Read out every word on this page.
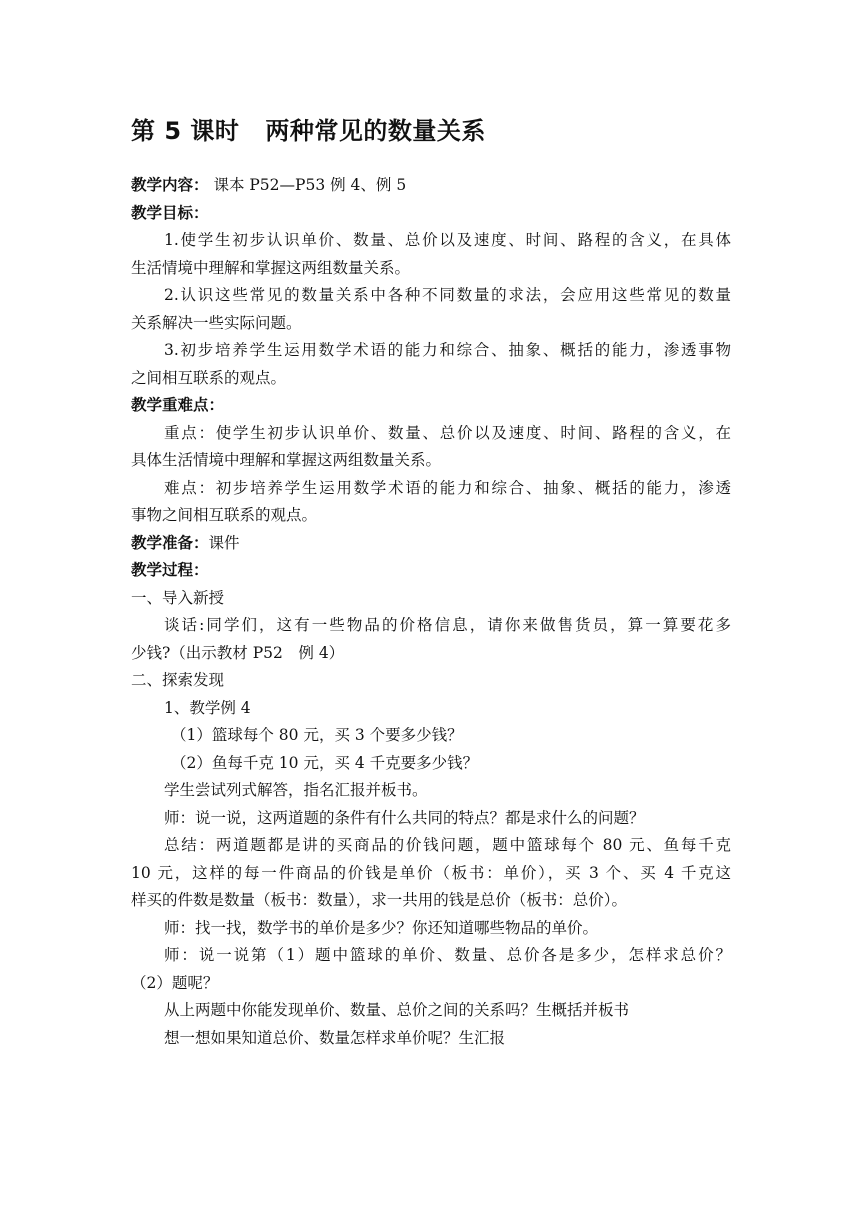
第 5 课时 两种常见的数量关系
教学内容： 课本 P52—P53 例 4、例 5
教学目标：
1.使学生初步认识单价、数量、总价以及速度、时间、路程的含义，在具体
生活情境中理解和掌握这两组数量关系。
2.认识这些常见的数量关系中各种不同数量的求法，会应用这些常见的数量
关系解决一些实际问题。
3.初步培养学生运用数学术语的能力和综合、抽象、概括的能力，渗透事物
之间相互联系的观点。
教学重难点：
重点：使学生初步认识单价、数量、总价以及速度、时间、路程的含义，在
具体生活情境中理解和掌握这两组数量关系。
难点：初步培养学生运用数学术语的能力和综合、抽象、概括的能力，渗透
事物之间相互联系的观点。
教学准备：课件
教学过程：
一、导入新授
谈话:同学们，这有一些物品的价格信息，请你来做售货员，算一算要花多
少钱?（出示教材 P52　例 4）
二、探索发现
1、教学例 4
（1）篮球每个 80 元，买 3 个要多少钱？
（2）鱼每千克 10 元，买 4 千克要多少钱？
学生尝试列式解答，指名汇报并板书。
师：说一说，这两道题的条件有什么共同的特点？都是求什么的问题？
总结：两道题都是讲的买商品的价钱问题，题中篮球每个 80 元、鱼每千克
10 元，这样的每一件商品的价钱是单价（板书：单价），买 3 个、买 4 千克这
样买的件数是数量（板书：数量），求一共用的钱是总价（板书：总价）。
师：找一找，数学书的单价是多少？你还知道哪些物品的单价。
师：说一说第（1）题中篮球的单价、数量、总价各是多少，怎样求总价？
（2）题呢？
从上两题中你能发现单价、数量、总价之间的关系吗？生概括并板书
想一想如果知道总价、数量怎样求单价呢？生汇报
